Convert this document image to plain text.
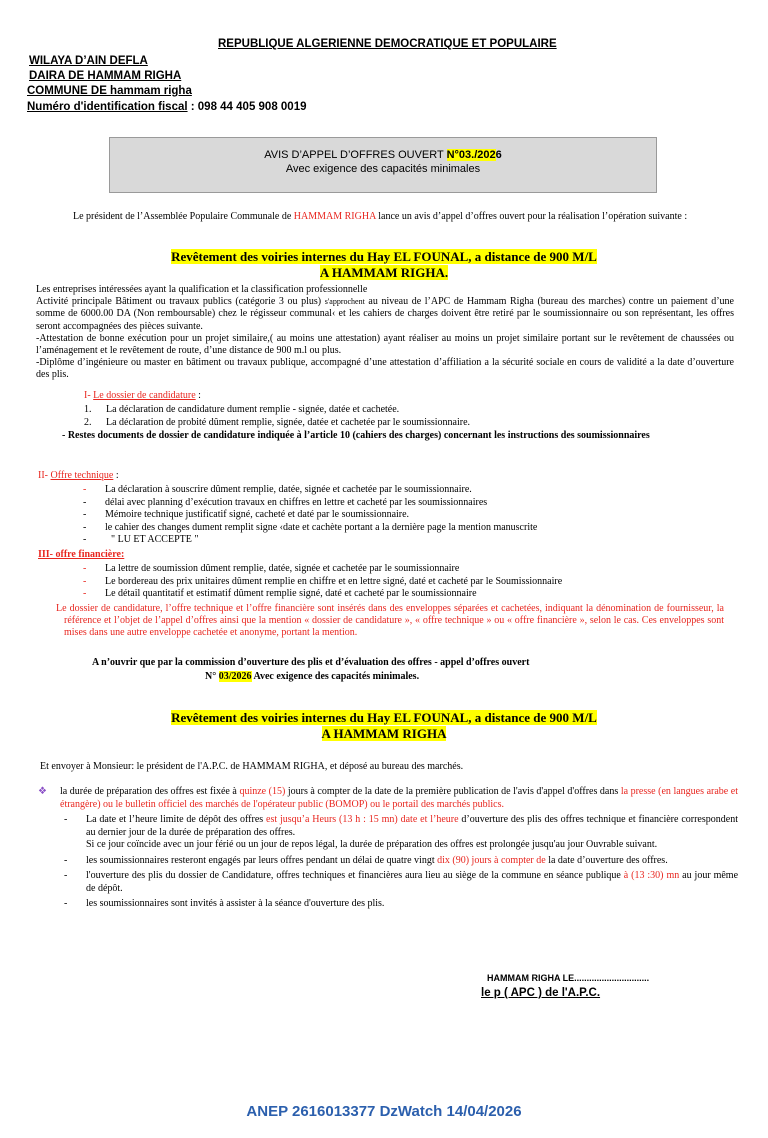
REPUBLIQUE ALGERIENNE DEMOCRATIQUE ET POPULAIRE
WILAYA D’AIN DEFLA
DAIRA DE HAMMAM RIGHA
COMMUNE DE hammam righa
Numéro d'identification fiscal : 098 44 405 908 0019
AVIS D’APPEL D’OFFRES OUVERT N°03./2026
Avec exigence des capacités minimales
Le président de l’Assemblée Populaire Communale de HAMMAM RIGHA lance un avis d’appel d’offres ouvert pour la réalisation l’opération suivante :
Revêtement des voiries internes du Hay EL FOUNAL, a distance de 900 M/L
A HAMMAM RIGHA.
Les entreprises intéressées ayant la qualification et la classification professionnelle
Activité principale Bâtiment ou travaux publics (catégorie 3 ou plus) s'approchent au niveau de l’APC de Hammam Righa (bureau des marches) contre un paiement d’une somme de 6000.00 DA (Non remboursable) chez le régisseur communal‹ et les cahiers de charges doivent être retiré par le soumissionnaire ou son représentant, les offres seront accompagnées des pièces suivante.
-Attestation de bonne exécution pour un projet similaire,( au moins une attestation) ayant réaliser au moins un projet similaire portant sur le revêtement de chaussées ou l’aménagement et le revêtement de route, d’une distance de 900 m.l ou plus.
-Diplôme d’ingénieure ou master en bâtiment ou travaux publique, accompagné d’une attestation d’affiliation a la sécurité sociale en cours de validité a la date d’ouverture des plis.
I- Le dossier de candidature :
1. La déclaration de candidature dument remplie - signée, datée et cachetée.
2. La déclaration de probité dûment remplie, signée, datée et cachetée par le soumissionnaire.
- Restes documents de dossier de candidature indiquée à l’article 10 (cahiers des charges) concernant les instructions des soumissionnaires
II- Offre technique :
- La déclaration à souscrire dûment remplie, datée, signée et cachetée par le soumissionnaire.
- délai avec planning d’exécution travaux en chiffres en lettre et cacheté par les soumissionnaires
- Mémoire technique justificatif signé, cacheté et daté par le soumissionnaire.
- le cahier des changes dument remplit signe ‹date et cachète portant a la dernière page la mention manuscrite
- " LU ET ACCEPTE "
III- offre financière:
- La lettre de soumission dûment remplie, datée, signée et cachetée par le soumissionnaire
- Le bordereau des prix unitaires dûment remplie en chiffre et en lettre signé, daté et cacheté par le Soumissionnaire
- Le détail quantitatif et estimatif dûment remplie signé, daté et cacheté par le soumissionnaire
Le dossier de candidature, l’offre technique et l’offre financière sont insérés dans des enveloppes séparées et cachetées, indiquant la dénomination de fournisseur, la référence et l’objet de l’appel d’offres ainsi que la mention « dossier de candidature », « offre technique » ou « offre financière », selon le cas. Ces enveloppes sont mises dans une autre enveloppe cachetée et anonyme, portant la mention.
A n’ouvrir que par la commission d’ouverture des plis et d’évaluation des offres - appel d’offres ouvert
N° 03/2026 Avec exigence des capacités minimales.
Revêtement des voiries internes du Hay EL FOUNAL, a distance de 900 M/L
A HAMMAM RIGHA
Et envoyer à Monsieur: le président de l'A.P.C. de HAMMAM RIGHA, et déposé au bureau des marchés.
❖ la durée de préparation des offres est fixée à quinze (15) jours à compter de la date de la première publication de l'avis d'appel d'offres dans la presse (en langues arabe et étrangère) ou le bulletin officiel des marchés de l'opérateur public (BOMOP) ou le portail des marchés publics.
- La date et l’heure limite de dépôt des offres est jusqu’a Heurs (13 h : 15 mn) date et l’heure d’ouverture des plis des offres technique et financière correspondent au dernier jour de la durée de préparation des offres.
Si ce jour coïncide avec un jour férié ou un jour de repos légal, la durée de préparation des offres est prolongée jusqu'au jour Ouvrable suivant.
- les soumissionnaires resteront engagés par leurs offres pendant un délai de quatre vingt dix (90) jours à compter de la date d’ouverture des offres.
- l'ouverture des plis du dossier de Candidature, offres techniques et financières aura lieu au siège de la commune en séance publique à (13 :30) mn au jour même de dépôt.
- les soumissionnaires sont invités à assister à la séance d'ouverture des plis.
HAMMAM RIGHA LE..............................
le p ( APC ) de l'A.P.C.
ANEP 2616013377 DzWatch 14/04/2026
